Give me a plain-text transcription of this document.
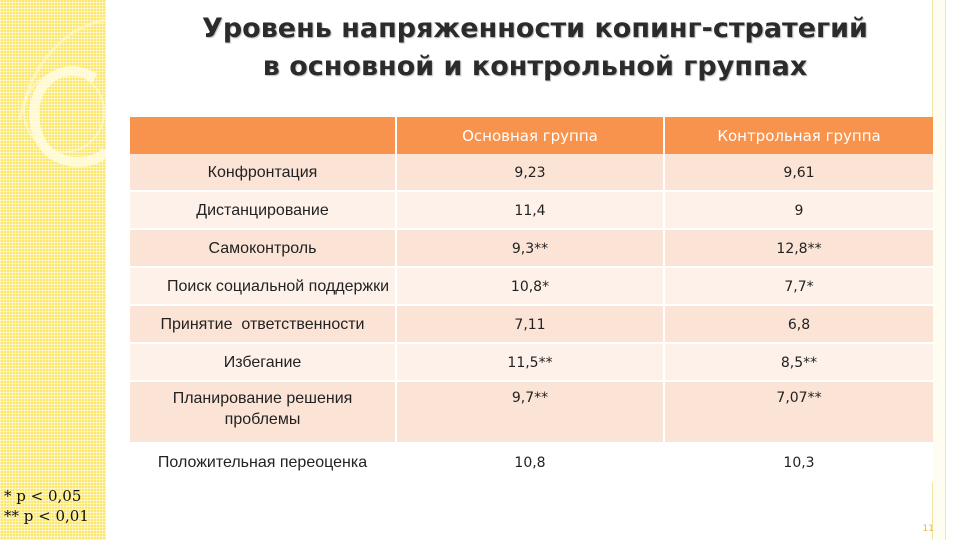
Уровень напряженности копинг-стратегий
в основной и контрольной группах
	Основная группа	Контрольная группа
Конфронтация	9,23	9,61
Дистанцирование	11,4	9
Самоконтроль	9,3**	12,8**
Поиск социальной поддержки	10,8*	7,7*
Принятие  ответственности	7,11	6,8
Избегание	11,5**	8,5**
Планирование решения проблемы	9,7**	7,07**
Положительная переоценка	10,8	10,3
* p < 0,05
** p < 0,01
11
